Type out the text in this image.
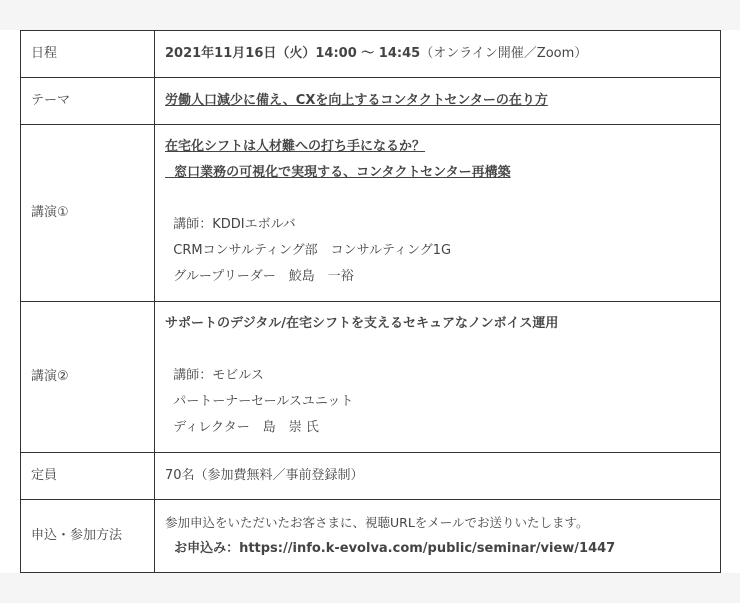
日程	2021年11月16日（火）14:00 〜 14:45（オンライン開催／Zoom）
テーマ	労働人口減少に備え、CXを向上するコンタクトセンターの在り方
講演①	在宅化シフトは人材難への打ち手になるか？
窓口業務の可視化で実現する、コンタクトセンター再構築

講師：KDDIエボルバ
CRMコンサルティング部　コンサルティング1G
グループリーダー　鮫島　一裕

講演②	サポートのデジタル/在宅シフトを支えるセキュアなノンボイス運用

講師：モビルス
パートーナーセールスユニット
ディレクター　島　崇 氏

定員	70名（参加費無料／事前登録制）
申込・参加方法	参加申込をいただいたお客さまに、視聴URLをメールでお送りいたします。
お申込み：https://info.k-evolva.com/public/seminar/view/1447
